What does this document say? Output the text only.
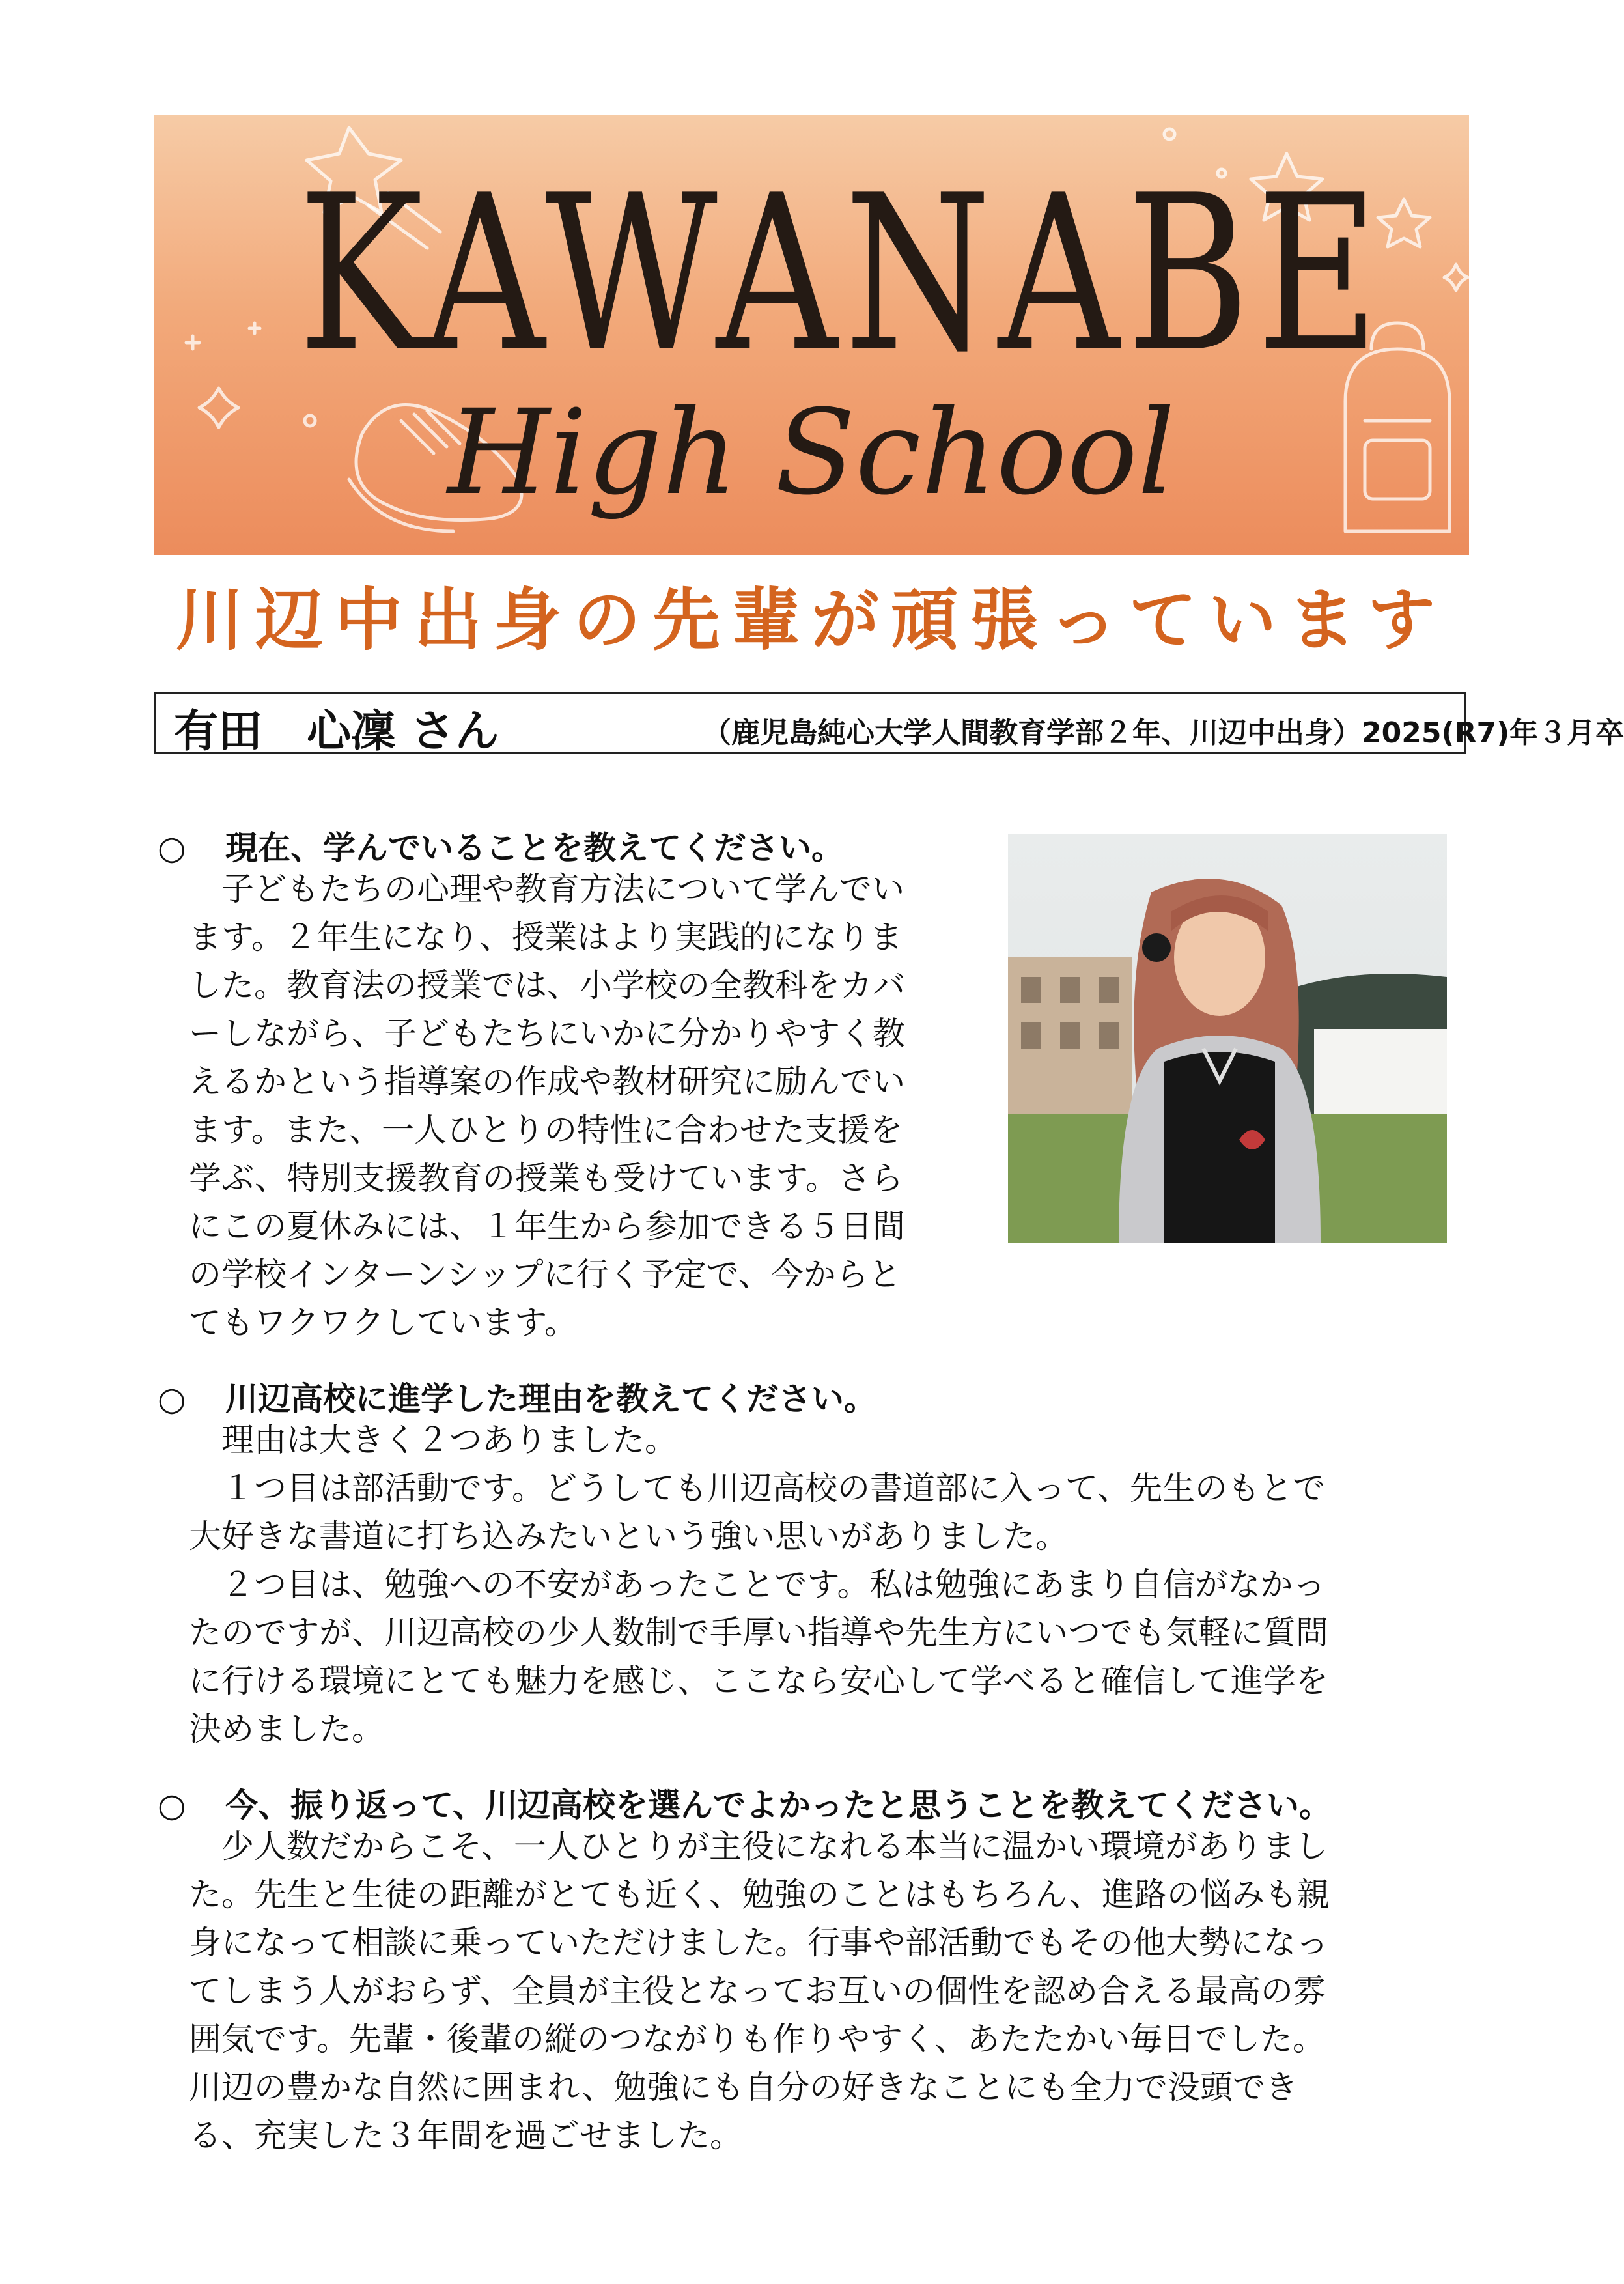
KAWANABE
High School
川辺中出身の先輩が頑張っています
有田　心凜 さん	（鹿児島純心大学人間教育学部２年、川辺中出身）2025(R7)年３月卒
○ 現在、学んでいることを教えてください。
　子どもたちの心理や教育方法について学んでい
ます。２年生になり、授業はより実践的になりま
した。教育法の授業では、小学校の全教科をカバ
ーしながら、子どもたちにいかに分かりやすく教
えるかという指導案の作成や教材研究に励んでい
ます。また、一人ひとりの特性に合わせた支援を
学ぶ、特別支援教育の授業も受けています。さら
にこの夏休みには、１年生から参加できる５日間
の学校インターンシップに行く予定で、今からと
てもワクワクしています。
○ 川辺高校に進学した理由を教えてください。
　理由は大きく２つありました。
　１つ目は部活動です。どうしても川辺高校の書道部に入って、先生のもとで
大好きな書道に打ち込みたいという強い思いがありました。
　２つ目は、勉強への不安があったことです。私は勉強にあまり自信がなかっ
たのですが、川辺高校の少人数制で手厚い指導や先生方にいつでも気軽に質問
に行ける環境にとても魅力を感じ、ここなら安心して学べると確信して進学を
決めました。
○ 今、振り返って、川辺高校を選んでよかったと思うことを教えてください。
　少人数だからこそ、一人ひとりが主役になれる本当に温かい環境がありまし
た。先生と生徒の距離がとても近く、勉強のことはもちろん、進路の悩みも親
身になって相談に乗っていただけました。行事や部活動でもその他大勢になっ
てしまう人がおらず、全員が主役となってお互いの個性を認め合える最高の雰
囲気です。先輩・後輩の縦のつながりも作りやすく、あたたかい毎日でした。
川辺の豊かな自然に囲まれ、勉強にも自分の好きなことにも全力で没頭でき
る、充実した３年間を過ごせました。
